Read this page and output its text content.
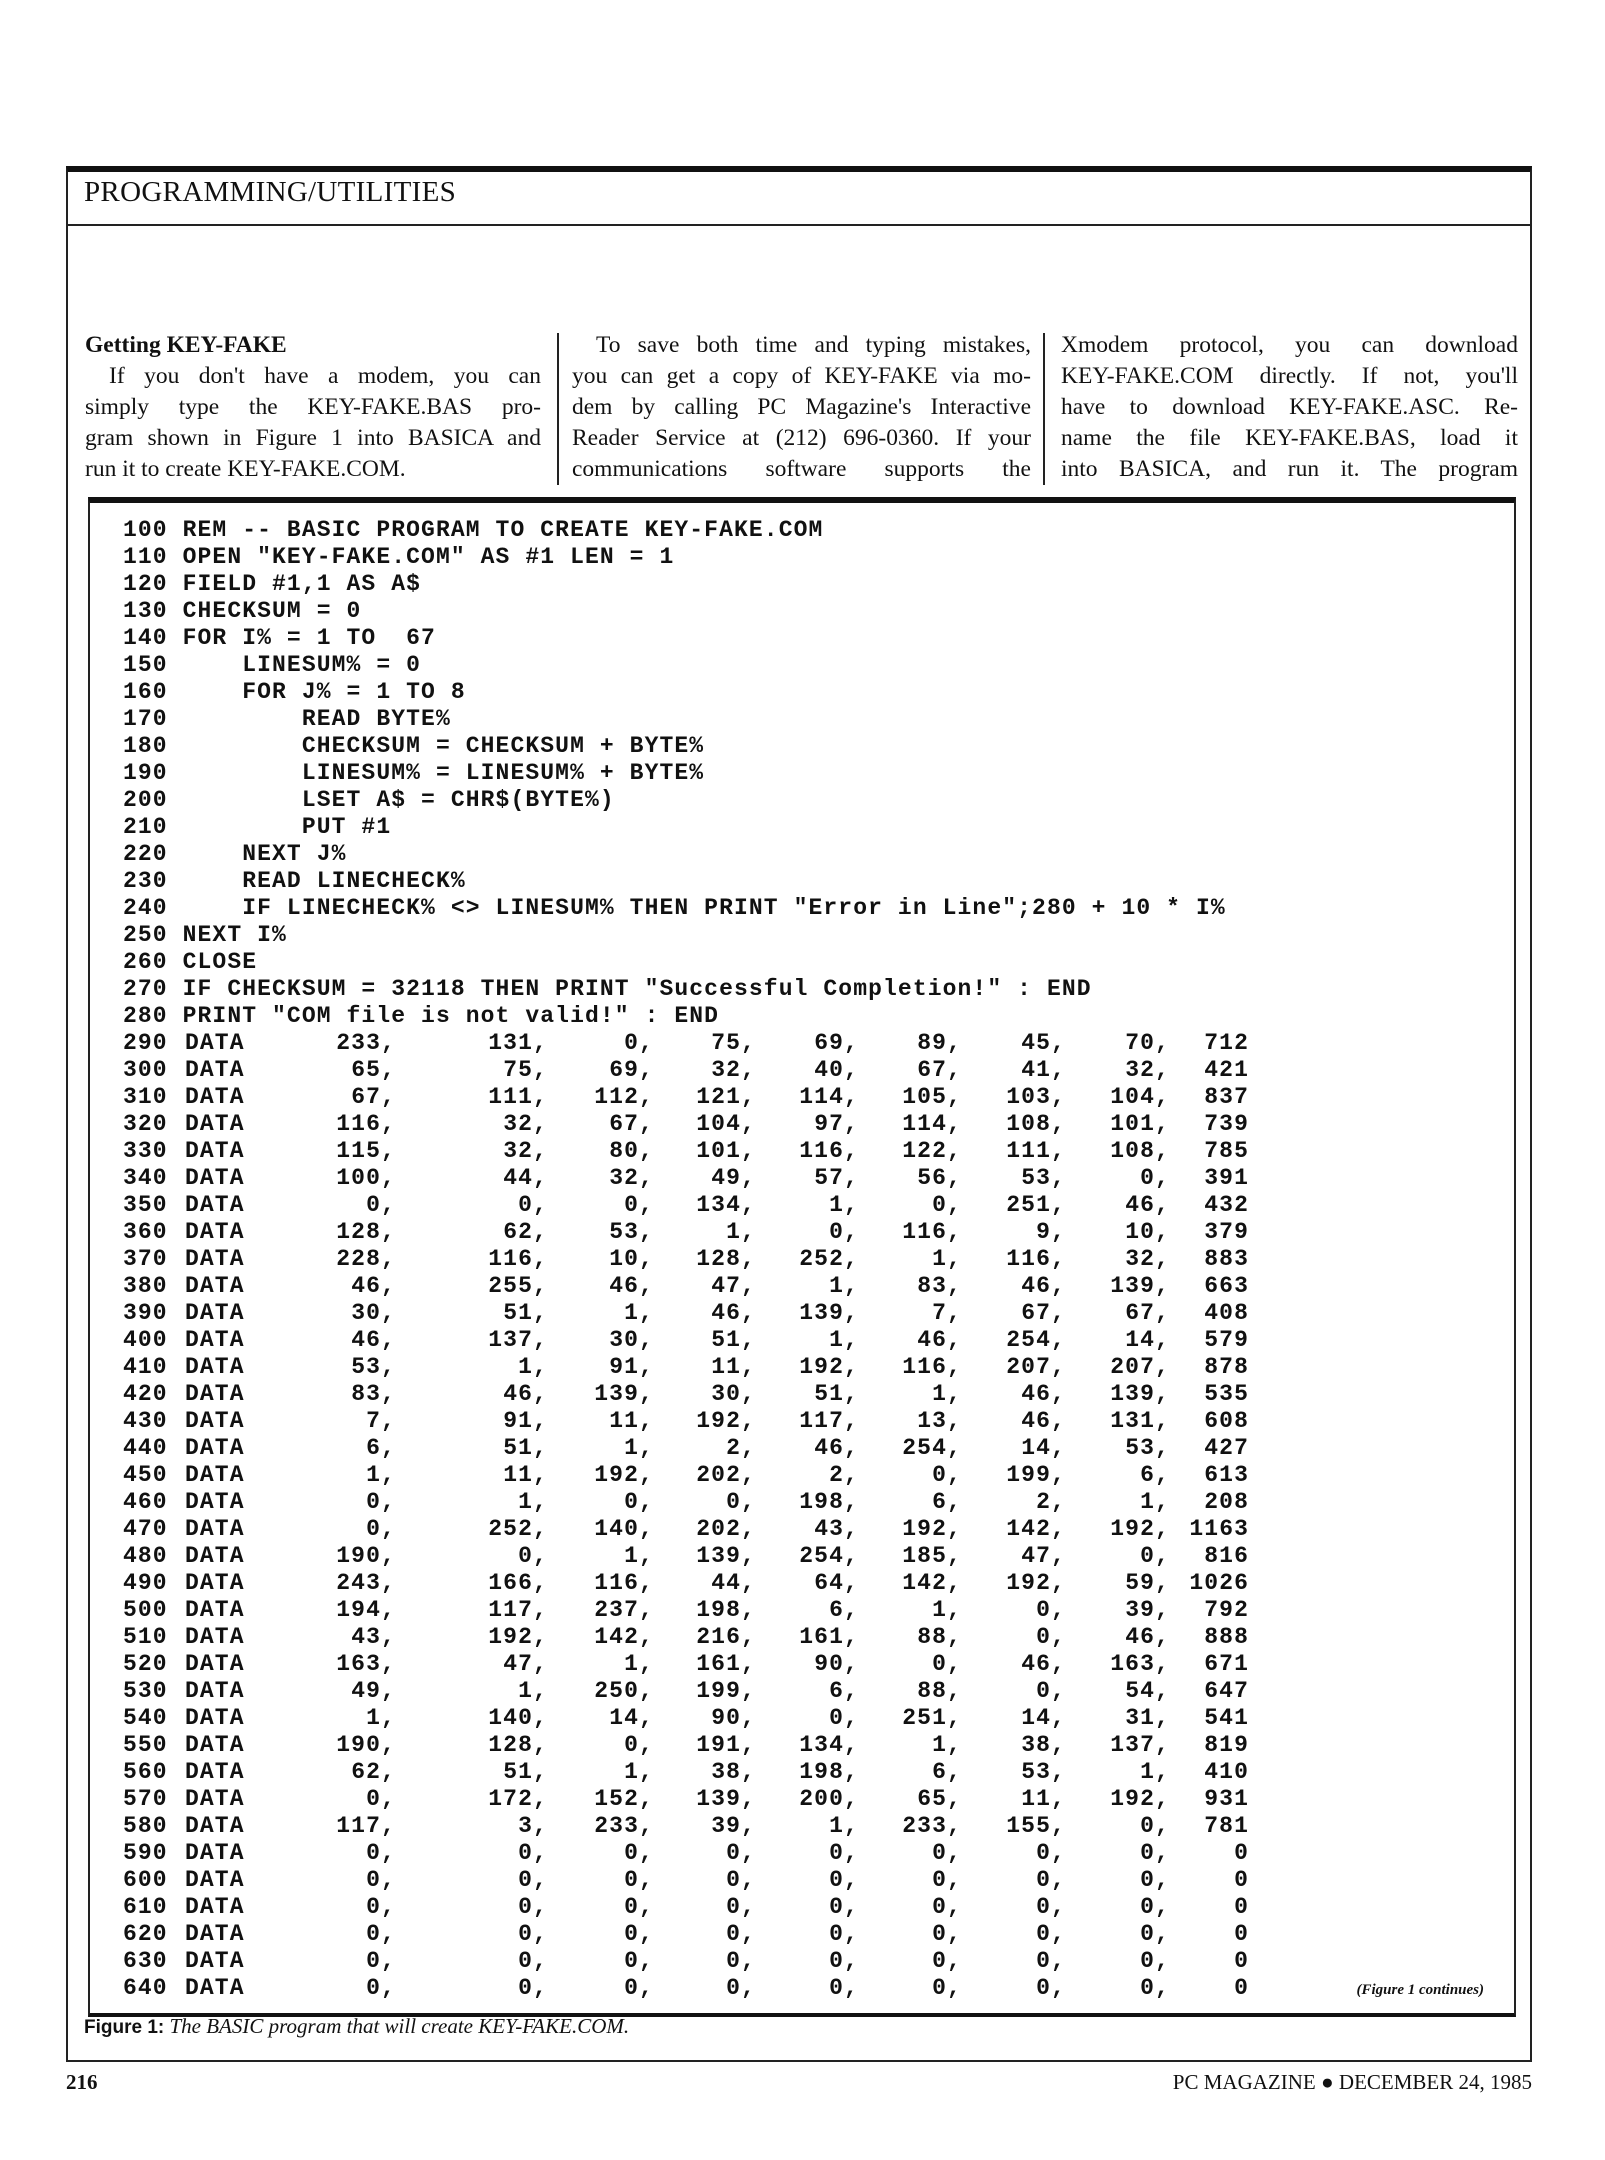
PROGRAMMING/UTILITIES
Getting KEY-FAKE
If you don't have a modem, you can
simply type the KEY-FAKE.BAS pro-
gram shown in Figure 1 into BASICA and
run it to create KEY-FAKE.COM.
To save both time and typing mistakes,
you can get a copy of KEY-FAKE via mo-
dem by calling PC Magazine's Interactive
Reader Service at (212) 696-0360. If your
communications software supports the
Xmodem protocol, you can download
KEY-FAKE.COM directly. If not, you'll
have to download KEY-FAKE.ASC. Re-
name the file KEY-FAKE.BAS, load it
into BASICA, and run it. The program
100 REM -- BASIC PROGRAM TO CREATE KEY-FAKE.COM
110 OPEN "KEY-FAKE.COM" AS #1 LEN = 1
120 FIELD #1,1 AS A$
130 CHECKSUM = 0
140 FOR I% = 1 TO  67
150     LINESUM% = 0
160     FOR J% = 1 TO 8
170         READ BYTE%
180         CHECKSUM = CHECKSUM + BYTE%
190         LINESUM% = LINESUM% + BYTE%
200         LSET A$ = CHR$(BYTE%)
210         PUT #1
220     NEXT J%
230     READ LINECHECK%
240     IF LINECHECK% <> LINESUM% THEN PRINT "Error in Line";280 + 10 * I%
250 NEXT I%
260 CLOSE
270 IF CHECKSUM = 32118 THEN PRINT "Successful Completion!" : END
280 PRINT "COM file is not valid!" : END
290 DATA	233 ,	131 ,	0 , 75 ,	69 ,	89 ,	45 ,	70 , 712
300 DATA	65 ,	75 ,	69 , 32 ,	40 ,	67 ,	41 ,	32 , 421
310 DATA	67 ,	111 , 112 , 121 , 114 , 105 , 103 , 104 , 837
320 DATA	116 ,	32 ,	67 , 104 ,	97 , 114 , 108 , 101 , 739
330 DATA	115 ,	32 ,	80 , 101 , 116 , 122 , 111 , 108 , 785
340 DATA	100 ,	44 ,	32 , 49 ,	57 ,	56 ,	53 ,	0 , 391
350 DATA	0 ,	0 ,	0 , 134 ,	1 ,	0 , 251 ,	46 , 432
360 DATA	128 ,	62 ,	53 ,	1 ,	0 , 116 ,	9 ,	10 , 379
370 DATA	228 ,	116 ,	10 , 128 , 252 ,	1 , 116 ,	32 , 883
380 DATA	46 ,	255 ,	46 , 47 ,	1 ,	83 ,	46 , 139 , 663
390 DATA	30 ,	51 ,	1 , 46 , 139 ,	7 ,	67 ,	67 , 408
400 DATA	46 ,	137 ,	30 , 51 ,	1 ,	46 , 254 ,	14 , 579
410 DATA	53 ,	1 ,	91 , 11 , 192 , 116 , 207 , 207 , 878
420 DATA	83 ,	46 , 139 , 30 ,	51 ,	1 ,	46 , 139 , 535
430 DATA	7 ,	91 ,	11 , 192 , 117 ,	13 ,	46 , 131 , 608
440 DATA	6 ,	51 ,	1 ,	2 ,	46 , 254 ,	14 ,	53 , 427
450 DATA	1 ,	11 , 192 , 202 ,	2 ,	0 , 199 ,	6 , 613
460 DATA	0 ,	1 ,	0 ,	0 , 198 ,	6 ,	2 ,	1 , 208
470 DATA	0 ,	252 , 140 , 202 ,	43 , 192 , 142 , 192 , 1163
480 DATA	190 ,	0 ,	1 , 139 , 254 , 185 ,	47 ,	0 , 816
490 DATA	243 ,	166 , 116 , 44 ,	64 , 142 , 192 ,	59 , 1026
500 DATA	194 ,	117 , 237 , 198 ,	6 ,	1 ,	0 ,	39 , 792
510 DATA	43 ,	192 , 142 , 216 , 161 ,	88 ,	0 ,	46 , 888
520 DATA	163 ,	47 ,	1 , 161 ,	90 ,	0 ,	46 , 163 , 671
530 DATA	49 ,	1 , 250 , 199 ,	6 ,	88 ,	0 ,	54 , 647
540 DATA	1 ,	140 ,	14 , 90 ,	0 , 251 ,	14 ,	31 , 541
550 DATA	190 ,	128 ,	0 , 191 , 134 ,	1 ,	38 , 137 , 819
560 DATA	62 ,	51 ,	1 , 38 , 198 ,	6 ,	53 ,	1 , 410
570 DATA	0 ,	172 , 152 , 139 , 200 ,	65 ,	11 , 192 , 931
580 DATA	117 ,	3 , 233 , 39 ,	1 , 233 , 155 ,	0 , 781
590 DATA	0 ,	0 ,	0 ,	0 ,	0 ,	0 ,	0 ,	0 ,	0
600 DATA	0 ,	0 ,	0 ,	0 ,	0 ,	0 ,	0 ,	0 ,	0
610 DATA	0 ,	0 ,	0 ,	0 ,	0 ,	0 ,	0 ,	0 ,	0
620 DATA	0 ,	0 ,	0 ,	0 ,	0 ,	0 ,	0 ,	0 ,	0
630 DATA	0 ,	0 ,	0 ,	0 ,	0 ,	0 ,	0 ,	0 ,	0
640 DATA	0 ,	0 ,	0 ,	0 ,	0 ,	0 ,	0 ,	0 ,	0	(Figure 1 continues)
Figure 1: The BASIC program that will create KEY-FAKE.COM.
216	PC MAGAZINE ● DECEMBER 24, 1985
